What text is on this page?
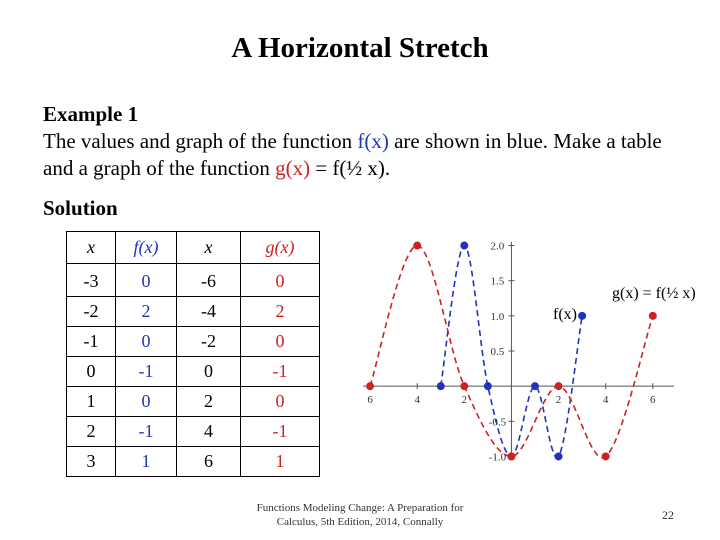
A Horizontal Stretch
Example 1
The values and graph of the function f(x) are shown in blue. Make a table and a graph of the function g(x) = f(½ x).
Solution
x	f(x)	x	g(x)
-3	0	-6	0
-2	2	-4	2
-1	0	-2	0
0	-1	0	-1
1	0	2	0
2	-1	4	-1
3	1	6	1
6	4	2	2	4	6
2.0
1.5
1.0
0.5
-0.5
-1.0
f(x)
g(x) = f(½ x)
Functions Modeling Change: A Preparation for Calculus, 5th Edition, 2014, Connally	22
